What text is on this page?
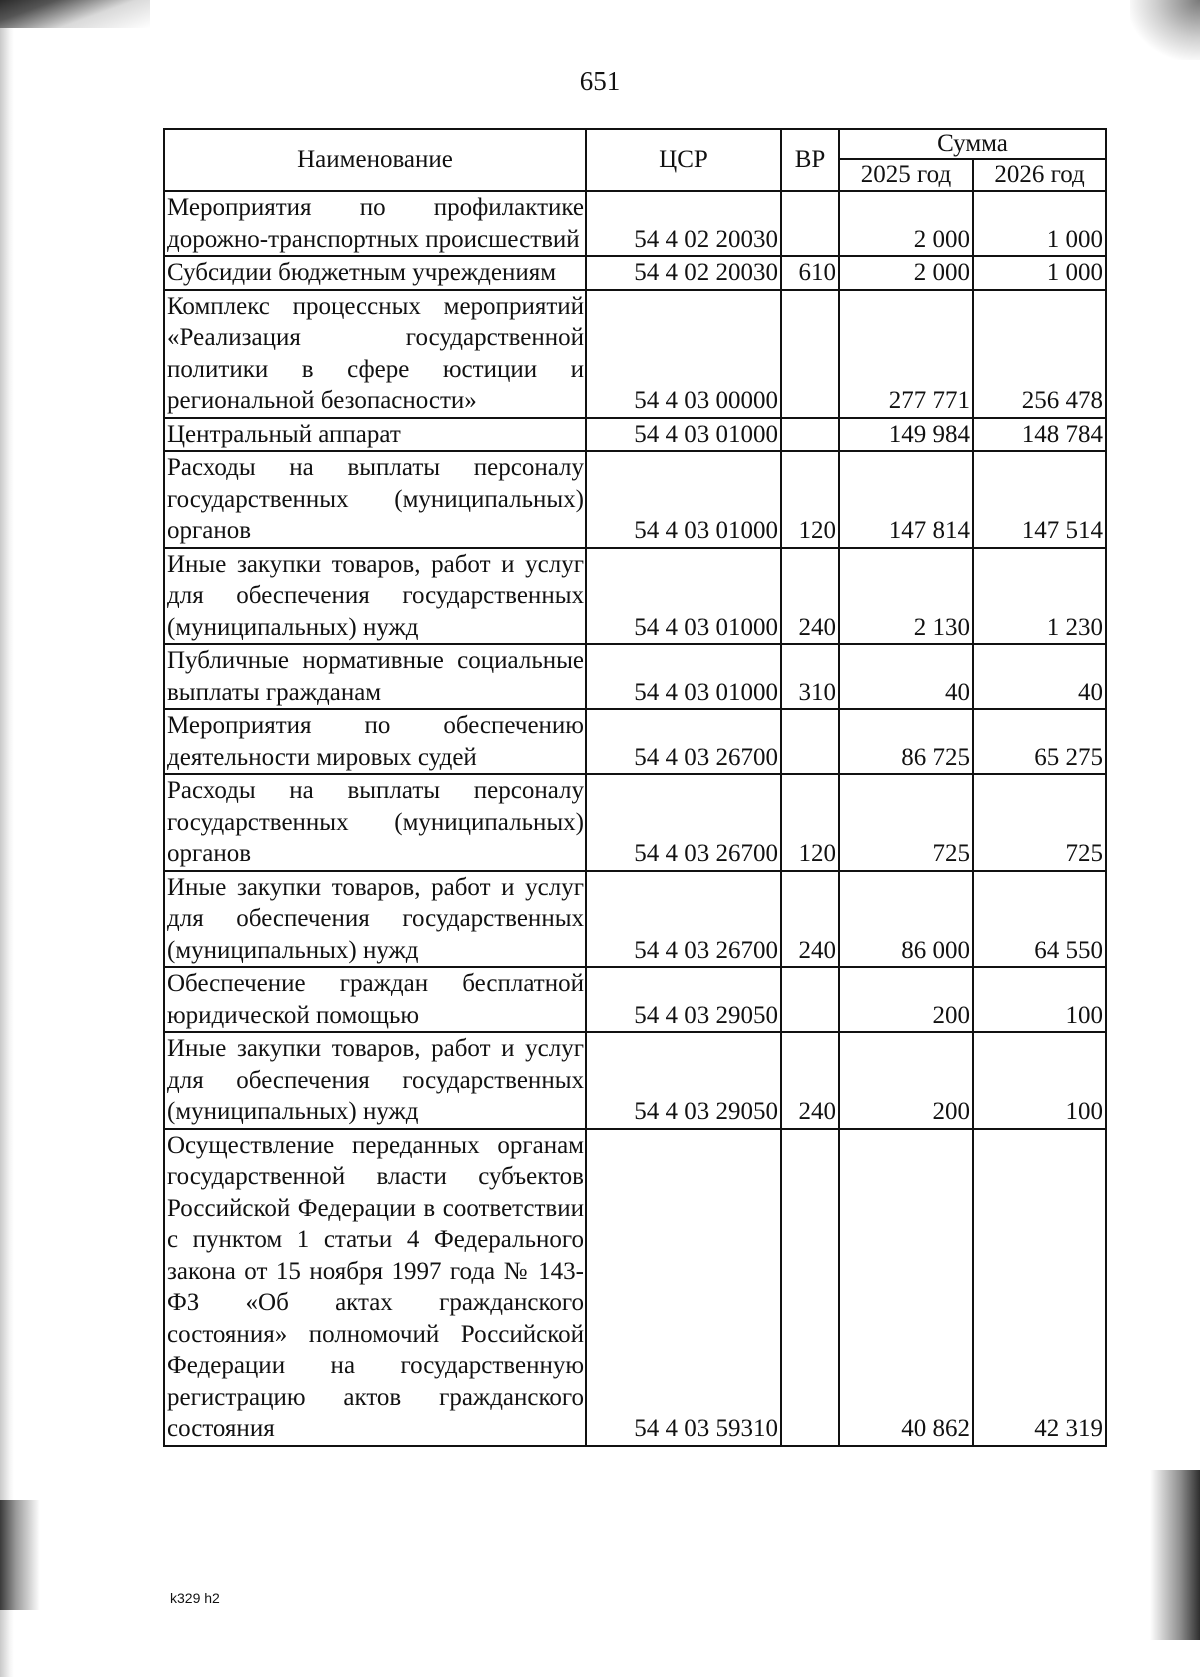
651
Наименование	ЦСР	ВР	Сумма	
			2025 год	2026 год
Мероприятия по профилактике дорожно-транспортных происшествий	54 4 02 20030		2 000	1 000
Субсидии бюджетным учреждениям	54 4 02 20030	610	2 000	1 000
Комплекс процессных мероприятий «Реализация государственной политики в сфере юстиции и региональной безопасности»	54 4 03 00000		277 771	256 478
Центральный аппарат	54 4 03 01000		149 984	148 784
Расходы на выплаты персоналу государственных (муниципальных) органов	54 4 03 01000	120	147 814	147 514
Иные закупки товаров, работ и услуг для обеспечения государственных (муниципальных) нужд	54 4 03 01000	240	2 130	1 230
Публичные нормативные социальные выплаты гражданам	54 4 03 01000	310	40	40
Мероприятия по обеспечению деятельности мировых судей	54 4 03 26700		86 725	65 275
Расходы на выплаты персоналу государственных (муниципальных) органов	54 4 03 26700	120	725	725
Иные закупки товаров, работ и услуг для обеспечения государственных (муниципальных) нужд	54 4 03 26700	240	86 000	64 550
Обеспечение граждан бесплатной юридической помощью	54 4 03 29050		200	100
Иные закупки товаров, работ и услуг для обеспечения государственных (муниципальных) нужд	54 4 03 29050	240	200	100
Осуществление переданных органам государственной власти субъектов Российской Федерации в соответствии с пунктом 1 статьи 4 Федерального закона от 15 ноября 1997 года № 143-ФЗ «Об актах гражданского состояния» полномочий Российской Федерации на государственную регистрацию актов гражданского состояния	54 4 03 59310		40 862	42 319
k329 h2
